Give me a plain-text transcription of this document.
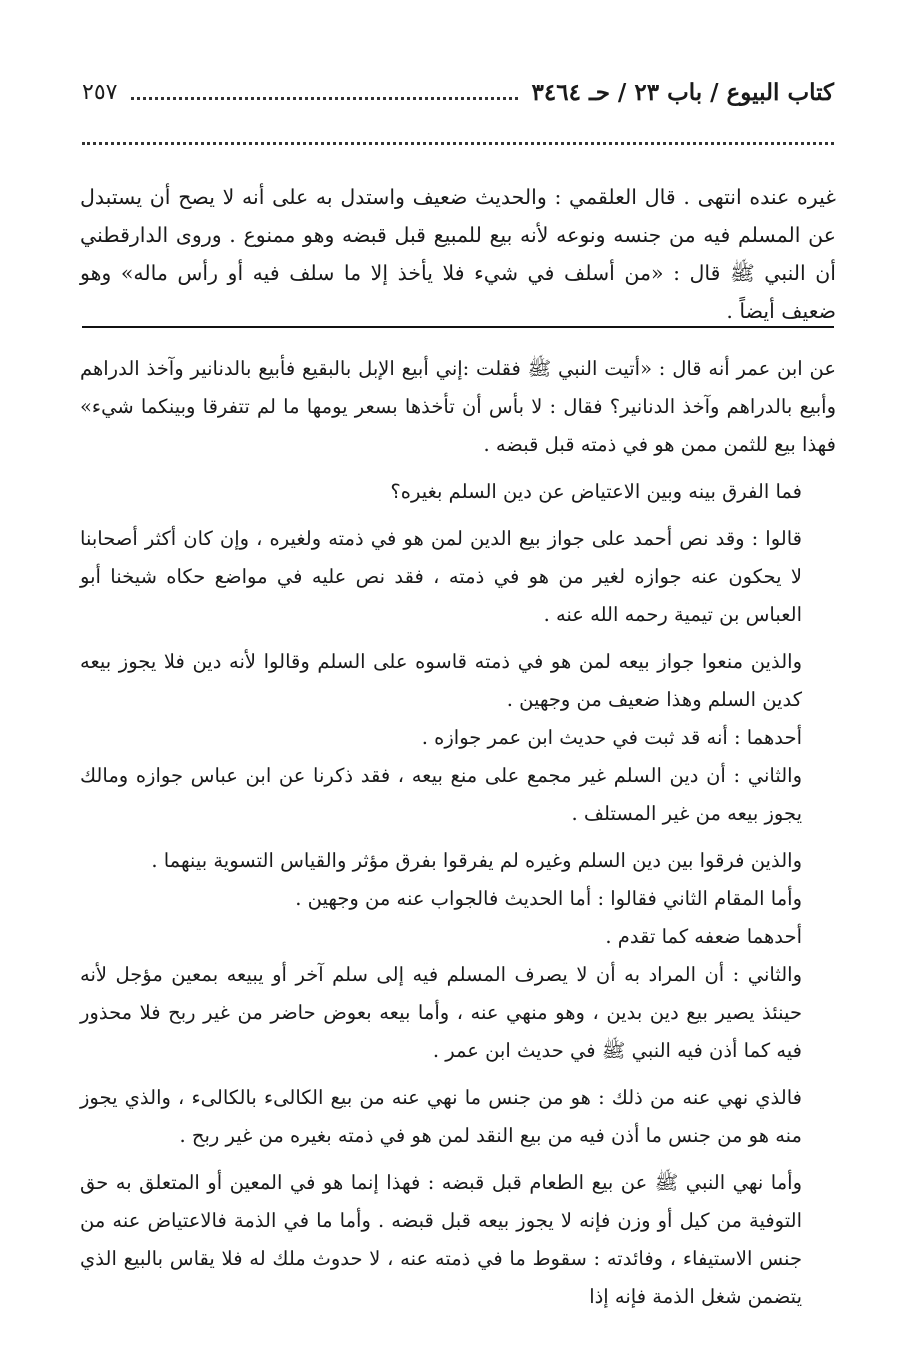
كتاب البيوع / باب ٢٣ / حـ ٣٤٦٤
٢٥٧
غيره عنده انتهى . قال العلقمي : والحديث ضعيف واستدل به على أنه لا يصح أن يستبدل عن المسلم فيه من جنسه ونوعه لأنه بيع للمبيع قبل قبضه وهو ممنوع . وروى الدارقطني أن النبي ﷺ قال : «من أسلف في شيء فلا يأخذ إلا ما سلف فيه أو رأس ماله» وهو ضعيف أيضاً .

عن ابن عمر أنه قال : «أتيت النبي ﷺ فقلت :إني أبيع الإبل بالبقيع فأبيع بالدنانير وآخذ الدراهم وأبيع بالدراهم وآخذ الدنانير؟ فقال : لا بأس أن تأخذها بسعر يومها ما لم تتفرقا وبينكما شيء» فهذا بيع للثمن ممن هو في ذمته قبل قبضه .

فما الفرق بينه وبين الاعتياض عن دين السلم بغيره؟

قالوا : وقد نص أحمد على جواز بيع الدين لمن هو في ذمته ولغيره ، وإن كان أكثر أصحابنا لا يحكون عنه جوازه لغير من هو في ذمته ، فقد نص عليه في مواضع حكاه شيخنا أبو العباس بن تيمية رحمه الله عنه .

والذين منعوا جواز بيعه لمن هو في ذمته قاسوه على السلم وقالوا لأنه دين فلا يجوز بيعه كدين السلم وهذا ضعيف من وجهين .

أحدهما : أنه قد ثبت في حديث ابن عمر جوازه .

والثاني : أن دين السلم غير مجمع على منع بيعه ، فقد ذكرنا عن ابن عباس جوازه ومالك يجوز بيعه من غير المستلف .

والذين فرقوا بين دين السلم وغيره لم يفرقوا بفرق مؤثر والقياس التسوية بينهما .

وأما المقام الثاني فقالوا : أما الحديث فالجواب عنه من وجهين .

أحدهما ضعفه كما تقدم .

والثاني : أن المراد به أن لا يصرف المسلم فيه إلى سلم آخر أو يبيعه بمعين مؤجل لأنه حينئذ يصير بيع دين بدين ، وهو منهي عنه ، وأما بيعه بعوض حاضر من غير ربح فلا محذور فيه كما أذن فيه النبي ﷺ في حديث ابن عمر .

فالذي نهي عنه من ذلك : هو من جنس ما نهي عنه من بيع الكالىء بالكالىء ، والذي يجوز منه هو من جنس ما أذن فيه من بيع النقد لمن هو في ذمته بغيره من غير ربح .

وأما نهي النبي ﷺ عن بيع الطعام قبل قبضه : فهذا إنما هو في المعين أو المتعلق به حق التوفية من كيل أو وزن فإنه لا يجوز بيعه قبل قبضه . وأما ما في الذمة فالاعتياض عنه من جنس الاستيفاء ، وفائدته : سقوط ما في ذمته عنه ، لا حدوث ملك له فلا يقاس بالبيع الذي يتضمن شغل الذمة فإنه إذا
